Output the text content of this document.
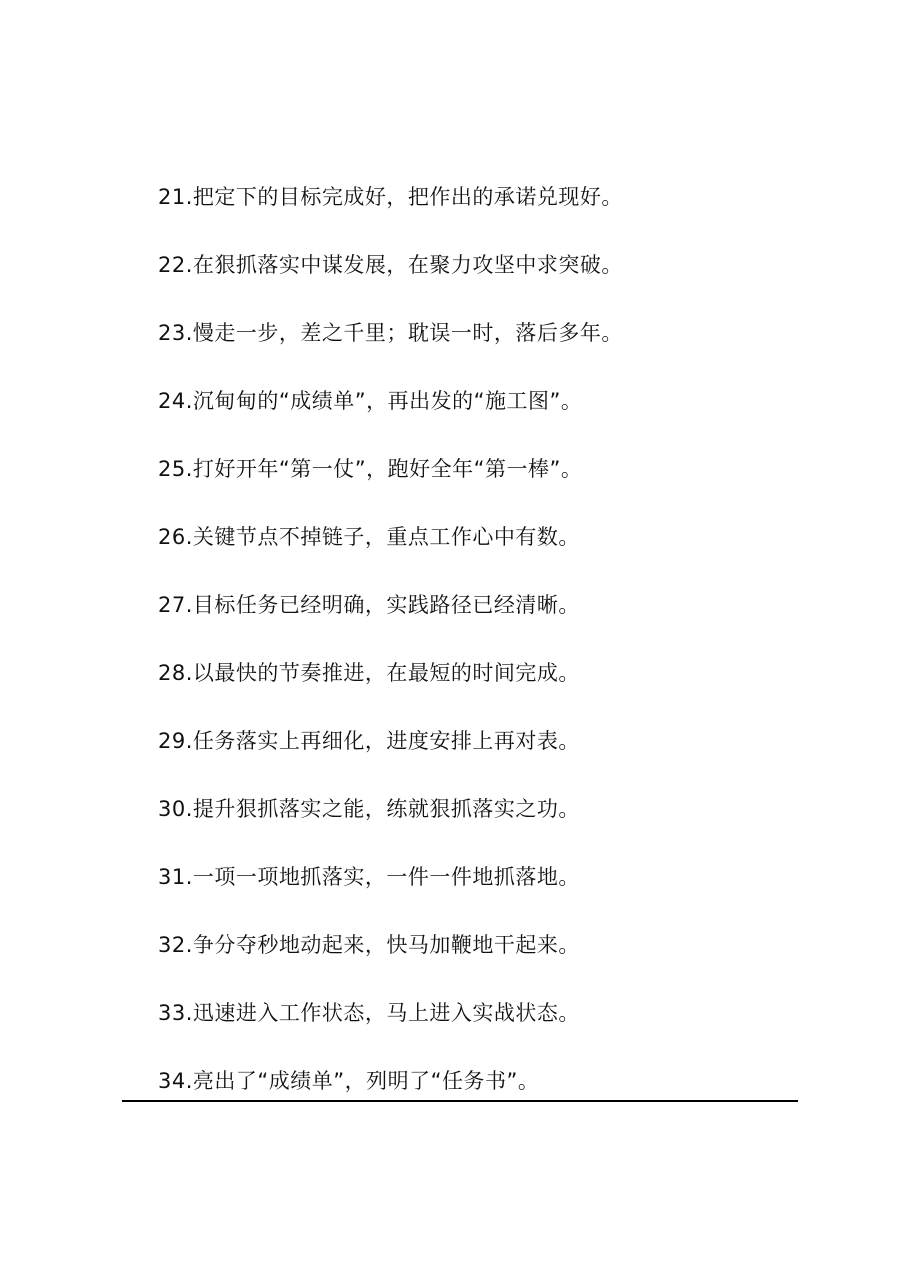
21.把定下的目标完成好，把作出的承诺兑现好。
22.在狠抓落实中谋发展，在聚力攻坚中求突破。
23.慢走一步，差之千里；耽误一时，落后多年。
24.沉甸甸的“成绩单”，再出发的“施工图”。
25.打好开年“第一仗”，跑好全年“第一棒”。
26.关键节点不掉链子，重点工作心中有数。
27.目标任务已经明确，实践路径已经清晰。
28.以最快的节奏推进，在最短的时间完成。
29.任务落实上再细化，进度安排上再对表。
30.提升狠抓落实之能，练就狠抓落实之功。
31.一项一项地抓落实，一件一件地抓落地。
32.争分夺秒地动起来，快马加鞭地干起来。
33.迅速进入工作状态，马上进入实战状态。
34.亮出了“成绩单”，列明了“任务书”。
